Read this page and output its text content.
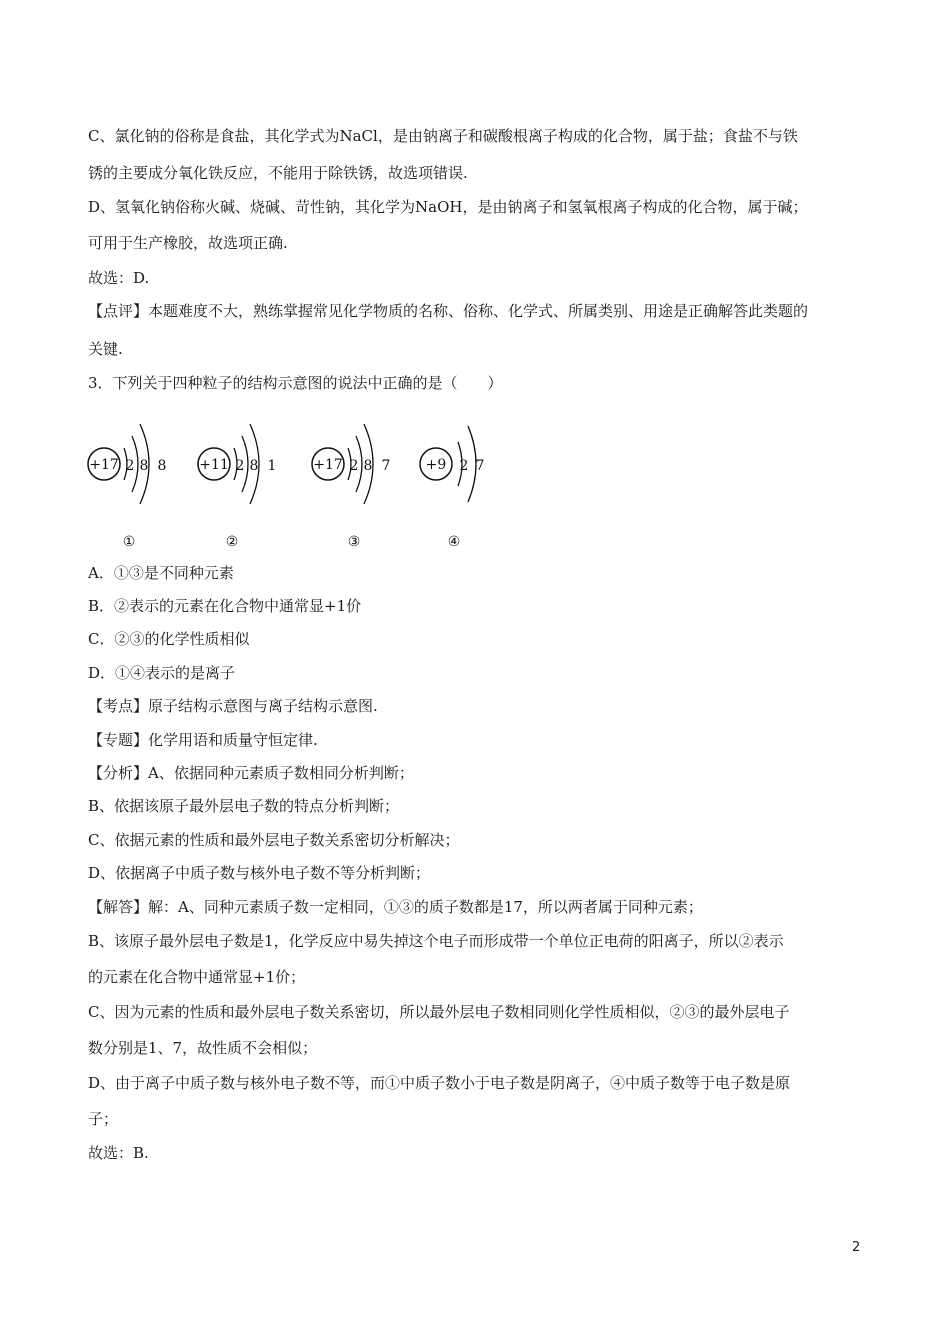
C、氯化钠的俗称是食盐，其化学式为NaCl，是由钠离子和碳酸根离子构成的化合物，属于盐；食盐不与铁
锈的主要成分氧化铁反应，不能用于除铁锈，故选项错误.
D、氢氧化钠俗称火碱、烧碱、苛性钠，其化学为NaOH，是由钠离子和氢氧根离子构成的化合物，属于碱；
可用于生产橡胶，故选项正确.
故选：D.
【点评】本题难度不大，熟练掌握常见化学物质的名称、俗称、化学式、所属类别、用途是正确解答此类题的
关键.
3．下列关于四种粒子的结构示意图的说法中正确的是（　　）
+17 2 8 8
①
+11 2 8 1
②
+17 2 8 7
③
+9 2 7
④
A．①③是不同种元素
B．②表示的元素在化合物中通常显+1价
C．②③的化学性质相似
D．①④表示的是离子
【考点】原子结构示意图与离子结构示意图.
【专题】化学用语和质量守恒定律.
【分析】A、依据同种元素质子数相同分析判断；
B、依据该原子最外层电子数的特点分析判断；
C、依据元素的性质和最外层电子数关系密切分析解决；
D、依据离子中质子数与核外电子数不等分析判断；
【解答】解：A、同种元素质子数一定相同，①③的质子数都是17，所以两者属于同种元素；
B、该原子最外层电子数是1，化学反应中易失掉这个电子而形成带一个单位正电荷的阳离子，所以②表示
的元素在化合物中通常显+1价；
C、因为元素的性质和最外层电子数关系密切，所以最外层电子数相同则化学性质相似，②③的最外层电子
数分别是1、7，故性质不会相似；
D、由于离子中质子数与核外电子数不等，而①中质子数小于电子数是阴离子，④中质子数等于电子数是原
子；
故选：B.
2
